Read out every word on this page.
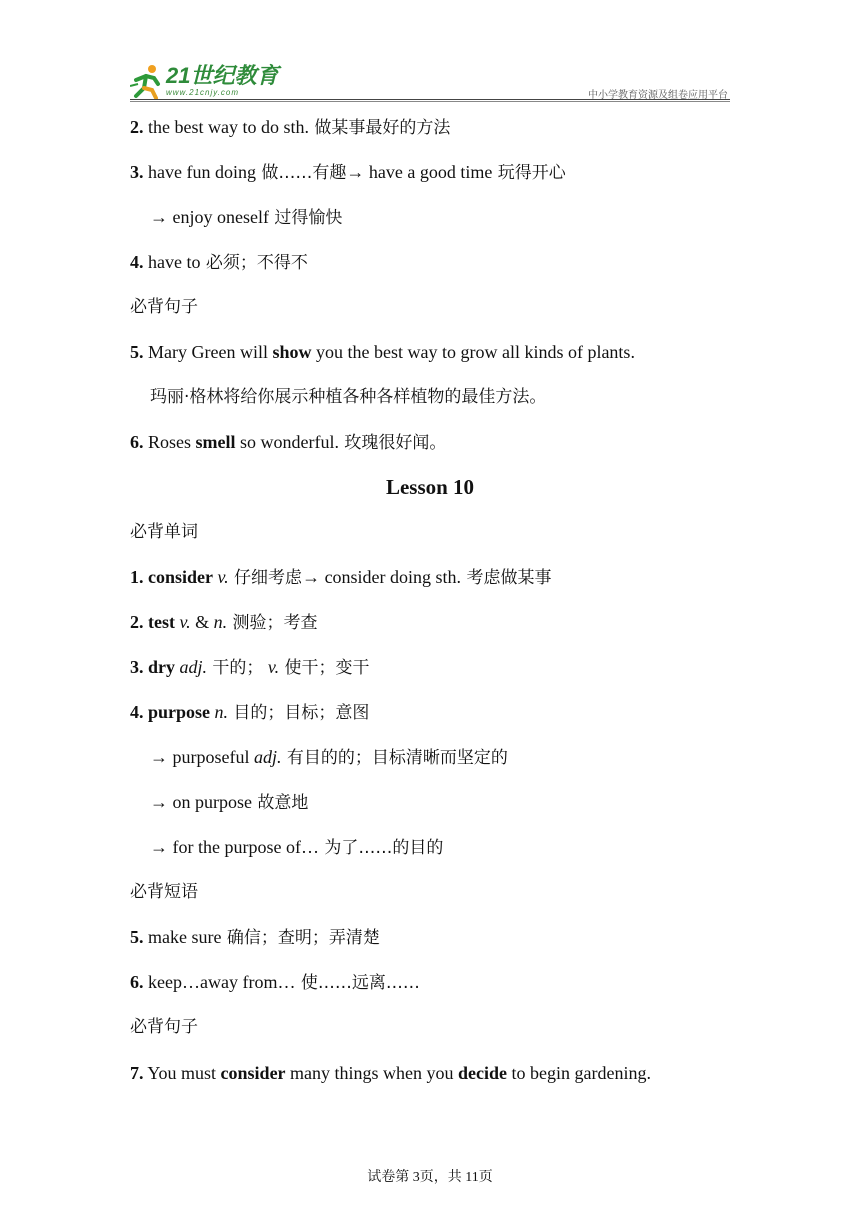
21世纪教育
www.21cnjy.com	中小学教育资源及组卷应用平台
2. the best way to do sth. 做某事最好的方法
3. have fun doing 做……有趣→ have a good time 玩得开心
→ enjoy oneself 过得愉快
4. have to 必须；不得不
必背句子
5. Mary Green will show you the best way to grow all kinds of plants.
玛丽·格林将给你展示种植各种各样植物的最佳方法。
6. Roses smell so wonderful. 玫瑰很好闻。
Lesson 10
必背单词
1. consider v. 仔细考虑→ consider doing sth. 考虑做某事
2. test v. & n. 测验；考查
3. dry adj. 干的； v. 使干；变干
4. purpose n. 目的；目标；意图
→ purposeful adj. 有目的的；目标清晰而坚定的
→ on purpose 故意地
→ for the purpose of… 为了……的目的
必背短语
5. make sure 确信；查明；弄清楚
6. keep…away from… 使……远离……
必背句子
7. You must consider many things when you decide to begin gardening.
试卷第 3页，共 11页
